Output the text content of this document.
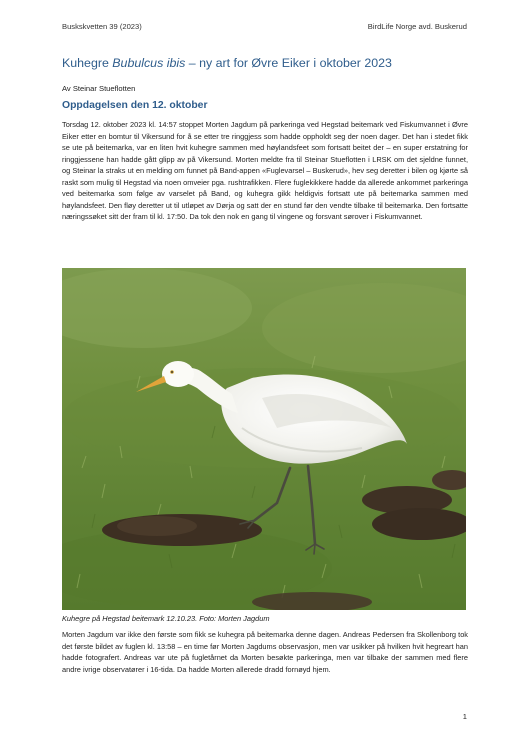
Buskskvetten 39 (2023)	BirdLife Norge avd. Buskerud
Kuhegre Bubulcus ibis – ny art for Øvre Eiker i oktober 2023
Av Steinar Stueflotten
Oppdagelsen den 12. oktober

Torsdag 12. oktober 2023 kl. 14:57 stoppet Morten Jagdum på parkeringa ved Hegstad beitemark ved Fiskumvannet i Øvre Eiker etter en bomtur til Vikersund for å se etter tre ringgjess som hadde oppholdt seg der noen dager. Det han i stedet fikk se ute på beitemarka, var en liten hvit kuhegre sammen med høylandsfeet som fortsatt beitet der – en super erstatning for ringgjessene han hadde gått glipp av på Vikersund. Morten meldte fra til Steinar Stueflotten i LRSK om det sjeldne funnet, og Steinar la straks ut en melding om funnet på Band-appen «Fuglevarsel – Buskerud», hev seg deretter i bilen og kjørte så raskt som mulig til Hegstad via noen omveier pga. rushtrafikken. Flere fuglekikkere hadde da allerede ankommet parkeringa ved beitemarka som følge av varselet på Band, og kuhegra gikk heldigvis fortsatt ute på beitemarka sammen med høylandsfeet. Den fløy deretter ut til utløpet av Dørja og satt der en stund før den vendte tilbake til beitemarka. Den fortsatte næringssøket sitt der fram til kl. 17:50. Da tok den nok en gang til vingene og forsvant sørover i Fiskumvannet.

Kuhegre på Hegstad beitemark 12.10.23. Foto: Morten Jagdum

Morten Jagdum var ikke den første som fikk se kuhegra på beitemarka denne dagen. Andreas Pedersen fra Skollenborg tok det første bildet av fuglen kl. 13:58 – en time før Morten Jagdums observasjon, men var usikker på hvilken hvit hegreart han hadde fotografert. Andreas var ute på fugletårnet da Morten besøkte parkeringa, men var tilbake der sammen med flere andre ivrige observatører i 16-tida. Da hadde Morten allerede dradd fornøyd hjem.

1
